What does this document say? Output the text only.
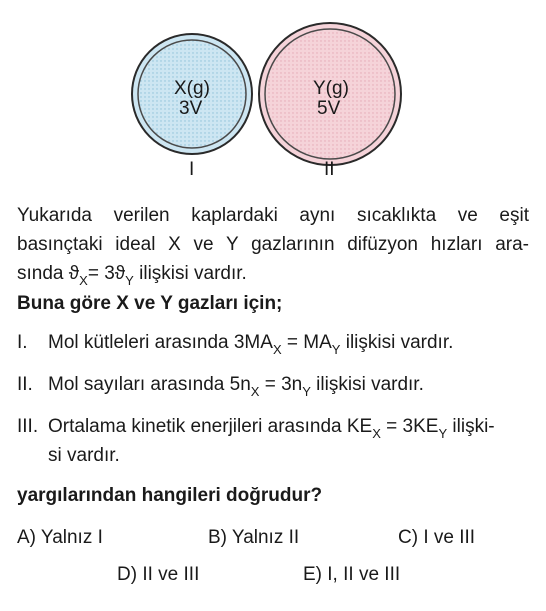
X(g)
3V
Y(g)
5V
I	II
Yukarıda verilen kaplardaki aynı sıcaklıkta ve eşit
basınçtaki ideal X ve Y gazlarının difüzyon hızları ara-
sında $ϑ_X= 3ϑ_Y$ ilişkisi vardır.
Buna göre X ve Y gazları için;
I. Mol kütleleri arasında $3MA_X = MA_Y$ ilişkisi vardır.
II. Mol sayıları arasında $5n_X = 3n_Y$ ilişkisi vardır.
III. Ortalama kinetik enerjileri arasında $KE_X = 3KE_Y$ ilişki-
si vardır.
yargılarından hangileri doğrudur?
A) Yalnız I	B) Yalnız II	C) I ve III
D) II ve III	E) I, II ve III
